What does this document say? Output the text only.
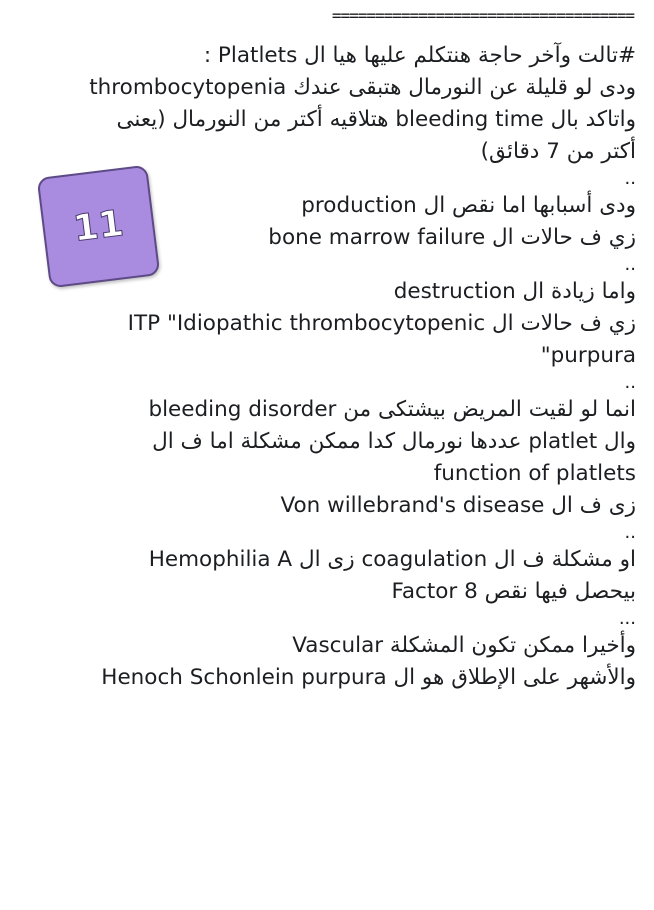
===================================
#تالت وآخر حاجة هنتكلم عليها هيا ال Platlets :
ودى لو قليلة عن النورمال هتبقى عندك thrombocytopenia
واتاكد بال bleeding time هتلاقيه أكتر من النورمال (يعنى
أكتر من 7 دقائق)
..
ودى أسبابها اما نقص ال production
زي ف حالات ال bone marrow failure
..
واما زيادة ال destruction
زي ف حالات ال ITP "Idiopathic thrombocytopenic
"purpura
..
انما لو لقيت المريض بيشتكى من bleeding disorder
وال platlet عددها نورمال كدا ممكن مشكلة اما ف ال
function of platlets
زى ف ال Von willebrand's disease
..
او مشكلة ف ال coagulation زى ال Hemophilia A
بيحصل فيها نقص Factor 8
...
وأخيرا ممكن تكون المشكلة Vascular
والأشهر على الإطلاق هو ال Henoch Schonlein purpura
11
